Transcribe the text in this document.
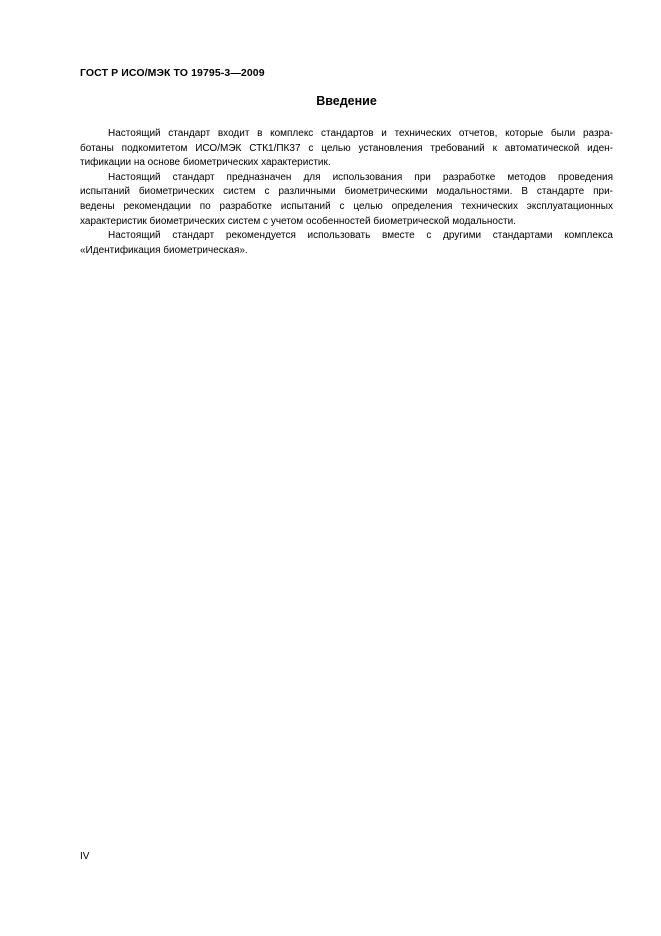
ГОСТ Р ИСО/МЭК ТО 19795-3—2009
Введение

Настоящий стандарт входит в комплекс стандартов и технических отчетов, которые были разра-
ботаны подкомитетом ИСО/МЭК СТК1/ПК37 с целью установления требований к автоматической иден-
тификации на основе биометрических характеристик.

Настоящий стандарт предназначен для использования при разработке методов проведения
испытаний биометрических систем с различными биометрическими модальностями. В стандарте при-
ведены рекомендации по разработке испытаний с целью определения технических эксплуатационных
характеристик биометрических систем с учетом особенностей биометрической модальности.

Настоящий стандарт рекомендуется использовать вместе с другими стандартами комплекса
«Идентификация биометрическая».

IV
